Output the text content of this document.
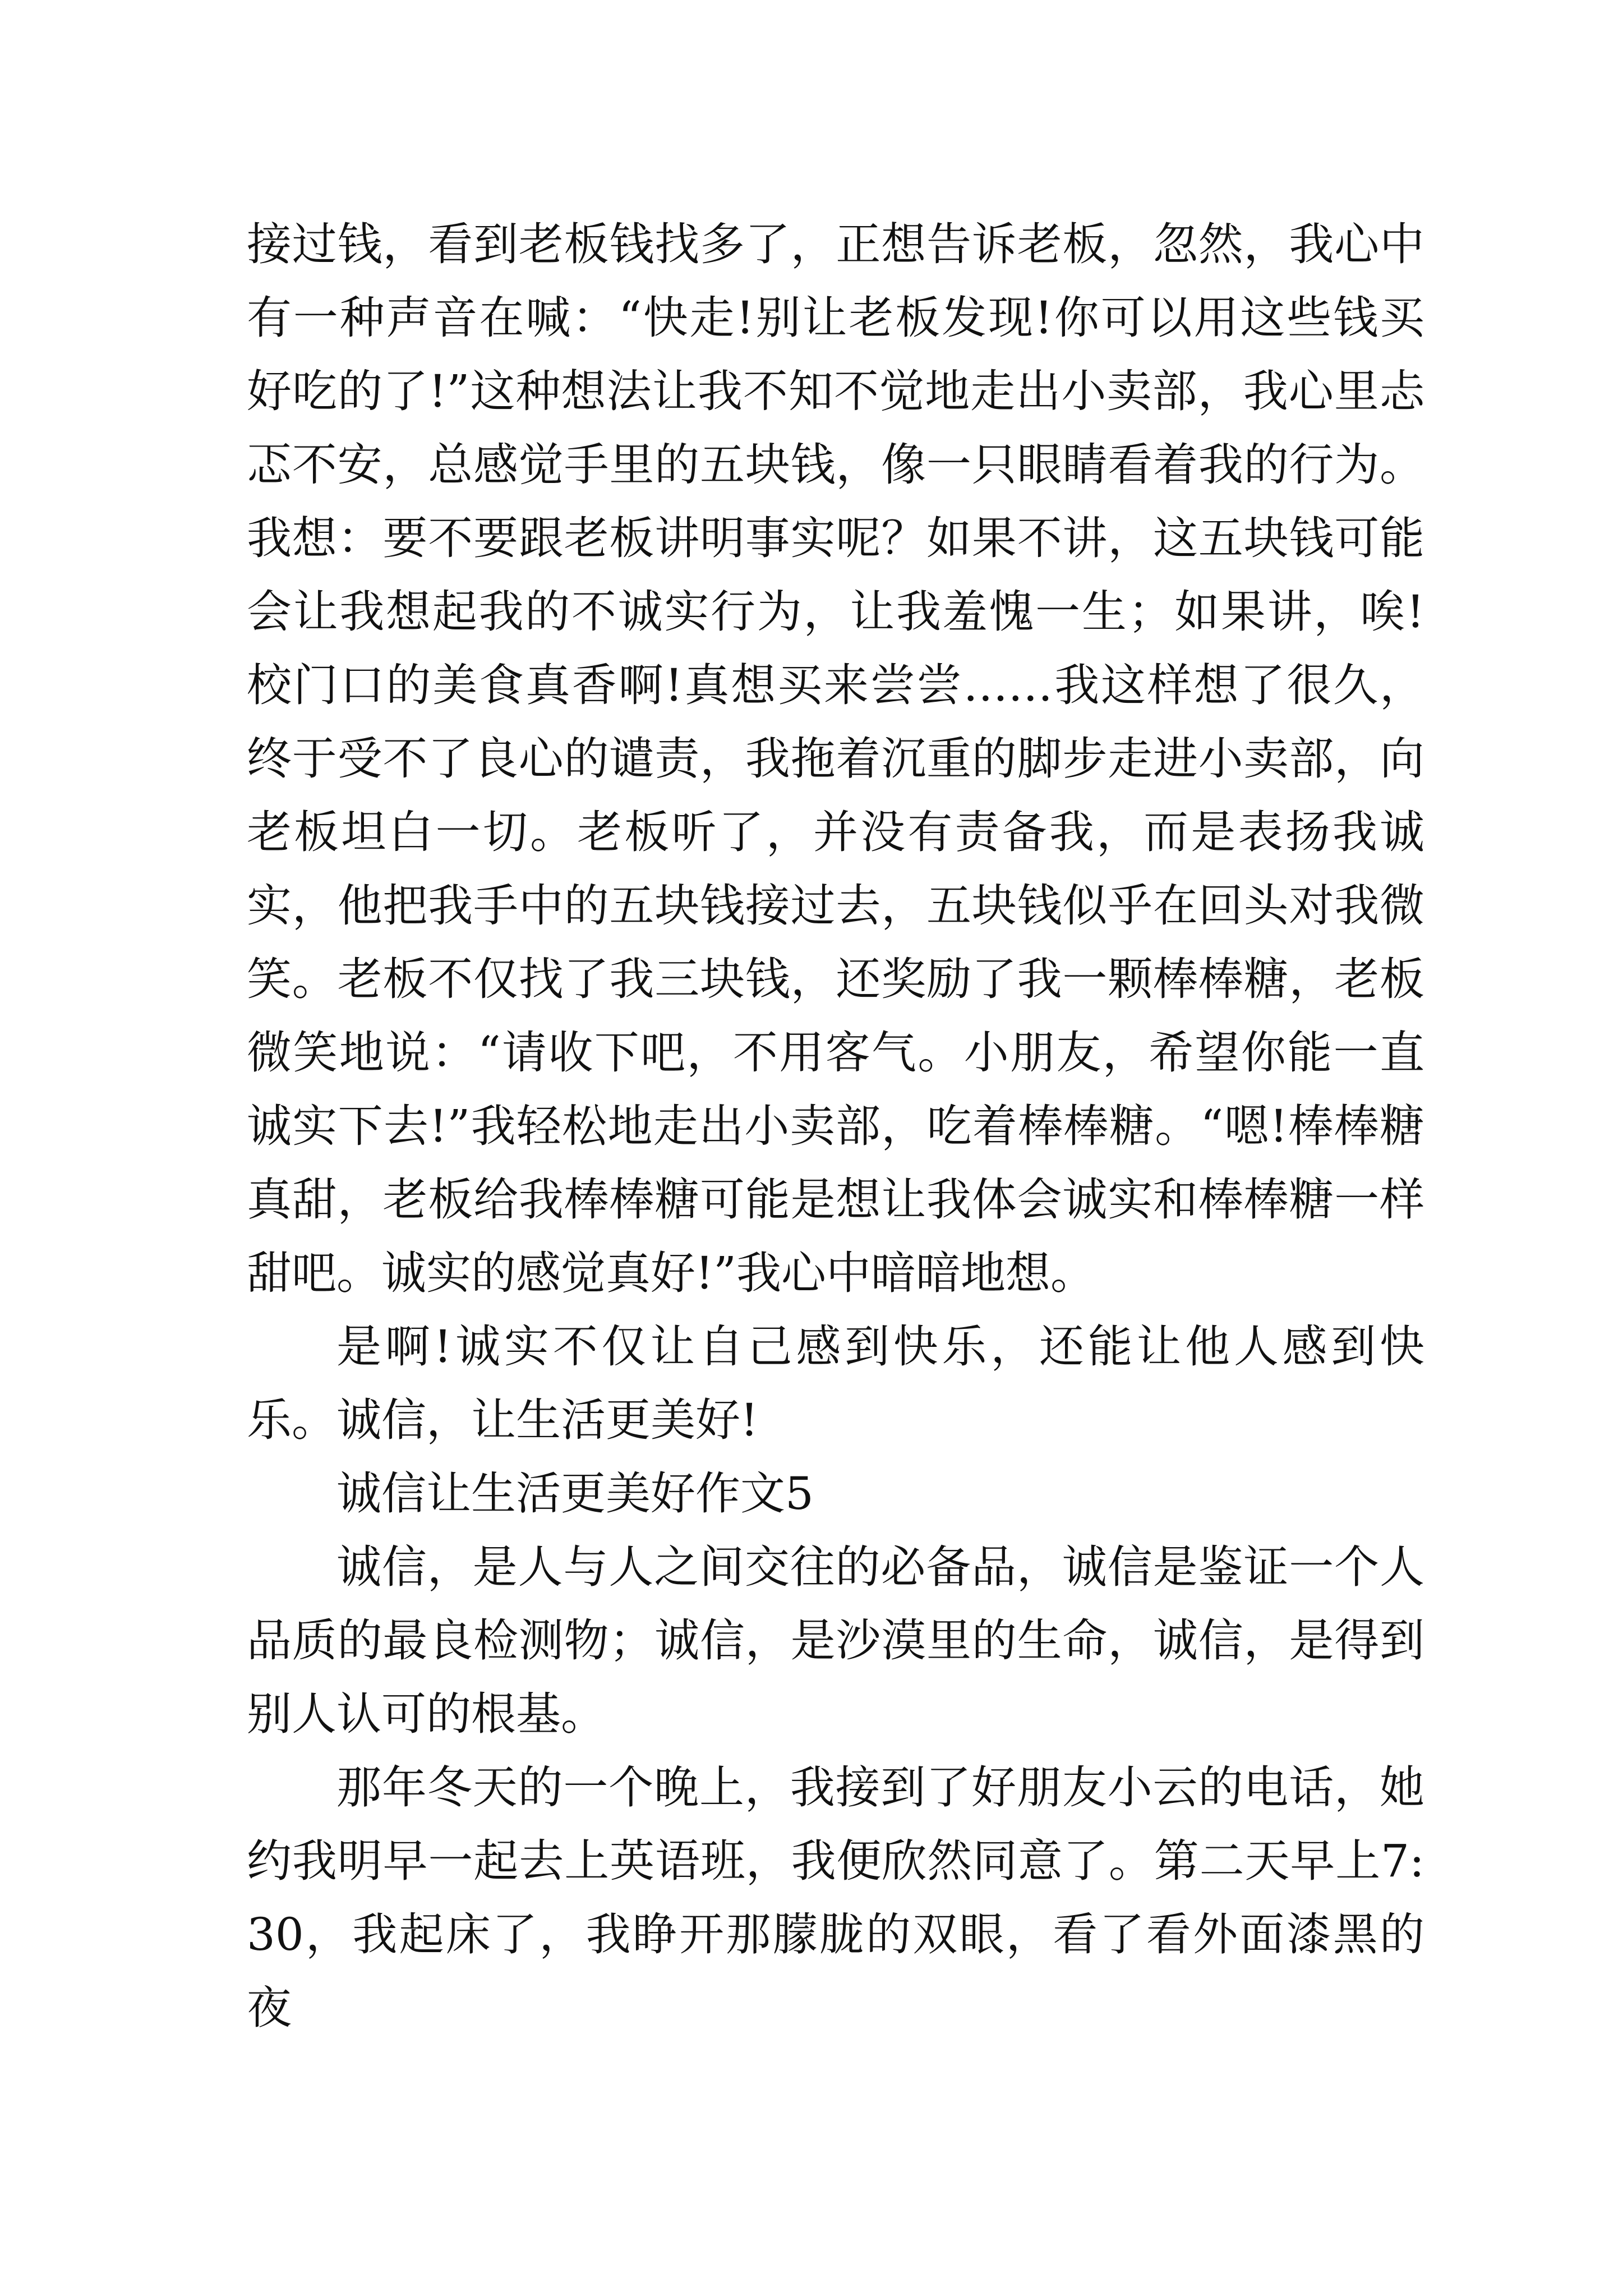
接过钱，看到老板钱找多了，正想告诉老板，忽然，我心中有一种声音在喊：“快走!别让老板发现!你可以用这些钱买好吃的了!”这种想法让我不知不觉地走出小卖部，我心里忐忑不安，总感觉手里的五块钱，像一只眼睛看着我的行为。我想：要不要跟老板讲明事实呢？如果不讲，这五块钱可能会让我想起我的不诚实行为，让我羞愧一生；如果讲，唉!校门口的美食真香啊!真想买来尝尝……我这样想了很久，终于受不了良心的谴责，我拖着沉重的脚步走进小卖部，向老板坦白一切。老板听了，并没有责备我，而是表扬我诚实，他把我手中的五块钱接过去，五块钱似乎在回头对我微笑。老板不仅找了我三块钱，还奖励了我一颗棒棒糖，老板微笑地说：“请收下吧，不用客气。小朋友，希望你能一直诚实下去!”我轻松地走出小卖部，吃着棒棒糖。“嗯!棒棒糖真甜，老板给我棒棒糖可能是想让我体会诚实和棒棒糖一样甜吧。诚实的感觉真好!”我心中暗暗地想。

是啊!诚实不仅让自己感到快乐，还能让他人感到快乐。诚信，让生活更美好!

诚信让生活更美好作文5

诚信，是人与人之间交往的必备品，诚信是鉴证一个人品质的最良检测物；诚信，是沙漠里的生命，诚信，是得到别人认可的根基。

那年冬天的一个晚上，我接到了好朋友小云的电话，她约我明早一起去上英语班，我便欣然同意了。第二天早上7:30，我起床了，我睁开那朦胧的双眼，看了看外面漆黑的夜
